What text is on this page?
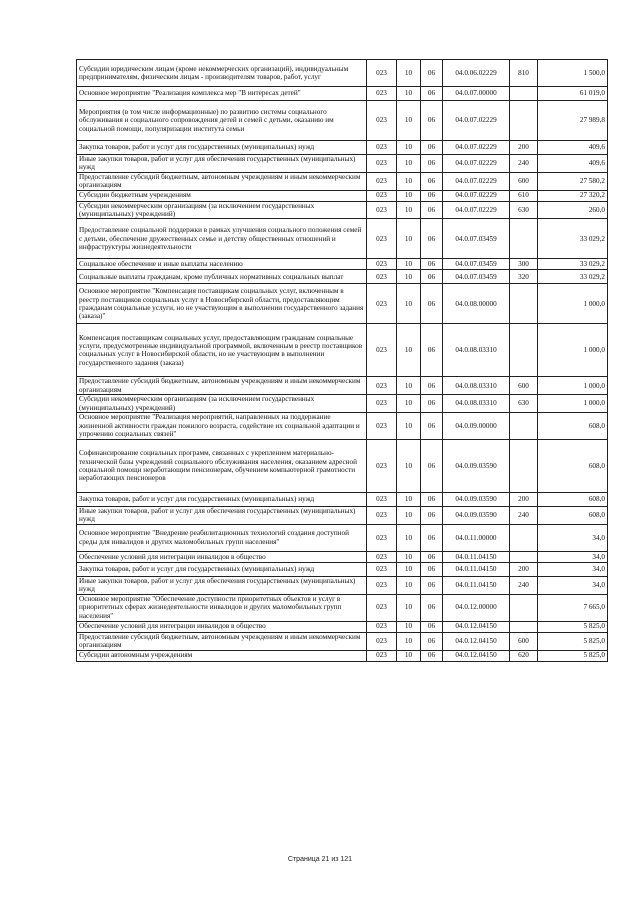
Субсидии юридическим лицам (кроме некоммерческих организаций), индивидуальным предпринимателям, физическим лицам - производителям товаров, работ, услуг	023	10	06	04.0.06.02229	810	1 500,0
Основное мероприятие "Реализация комплекса мер "В интересах детей"	023	10	06	04.0.07.00000		61 019,0
Мероприятия (в том числе информационные) по развитию системы социального обслуживания и социального сопровождения детей и семей с детьми, оказанию им социальной помощи, популяризации института семьи	023	10	06	04.0.07.02229		27 989,8
Закупка товаров, работ и услуг для государственных (муниципальных) нужд	023	10	06	04.0.07.02229	200	409,6
Иные закупки товаров, работ и услуг для обеспечения государственных (муниципальных) нужд	023	10	06	04.0.07.02229	240	409,6
Предоставление субсидий бюджетным, автономным учреждениям и иным некоммерческим организациям	023	10	06	04.0.07.02229	600	27 580,2
Субсидии бюджетным учреждениям	023	10	06	04.0.07.02229	610	27 320,2
Субсидии некоммерческим организациям (за исключением государственных (муниципальных) учреждений)	023	10	06	04.0.07.02229	630	260,0
Предоставление социальной поддержки в рамках улучшения социального положения семей с детьми, обеспечение дружественных семье и детству общественных отношений и инфраструктуры жизнедеятельности	023	10	06	04.0.07.03459		33 029,2
Социальное обеспечение и иные выплаты населению	023	10	06	04.0.07.03459	300	33 029,2
Социальные выплаты гражданам, кроме публичных нормативных социальных выплат	023	10	06	04.0.07.03459	320	33 029,2
Основное мероприятие "Компенсация поставщикам социальных услуг, включенным в реестр поставщиков социальных услуг в Новосибирской области, предоставляющим гражданам социальные услуги, но не участвующим в выполнении государственного задания (заказа)"	023	10	06	04.0.08.00000		1 000,0
Компенсация поставщикам социальных услуг, предоставляющим гражданам социальные услуги, предусмотренные индивидуальной программой, включенным в реестр поставщиков социальных услуг в Новосибирской области, но не участвующим в выполнении государственного задания (заказа)	023	10	06	04.0.08.03310		1 000,0
Предоставление субсидий бюджетным, автономным учреждениям и иным некоммерческим организациям	023	10	06	04.0.08.03310	600	1 000,0
Субсидии некоммерческим организациям (за исключением государственных (муниципальных) учреждений)	023	10	06	04.0.08.03310	630	1 000,0
Основное мероприятие "Реализация мероприятий, направленных на поддержание жизненной активности граждан пожилого возраста, содействие их социальной адаптации и упрочению социальных связей"	023	10	06	04.0.09.00000		608,0
Софинансирование социальных программ, связанных с укреплением материально-технической базы учреждений социального обслуживания населения, оказанием адресной социальной помощи неработающим пенсионерам, обучением компьютерной грамотности неработающих пенсионеров	023	10	06	04.0.09.03590		608,0
Закупка товаров, работ и услуг для государственных (муниципальных) нужд	023	10	06	04.0.09.03590	200	608,0
Иные закупки товаров, работ и услуг для обеспечения государственных (муниципальных) нужд	023	10	06	04.0.09.03590	240	608,0
Основное мероприятие "Внедрение реабилитационных технологий создания доступной среды для инвалидов и других маломобильных групп населения"	023	10	06	04.0.11.00000		34,0
Обеспечение условий для интеграции инвалидов в общество	023	10	06	04.0.11.04150		34,0
Закупка товаров, работ и услуг для государственных (муниципальных) нужд	023	10	06	04.0.11.04150	200	34,0
Иные закупки товаров, работ и услуг для обеспечения государственных (муниципальных) нужд	023	10	06	04.0.11.04150	240	34,0
Основное мероприятие "Обеспечение доступности приоритетных объектов и услуг в приоритетных сферах жизнедеятельности инвалидов и других маломобильных групп населения"	023	10	06	04.0.12.00000		7 665,0
Обеспечение условий для интеграции инвалидов в общество	023	10	06	04.0.12.04150		5 825,0
Предоставление субсидий бюджетным, автономным учреждениям и иным некоммерческим организациям	023	10	06	04.0.12.04150	600	5 825,0
Субсидии автономным учреждениям	023	10	06	04.0.12.04150	620	5 825,0
Страница 21 из 121
